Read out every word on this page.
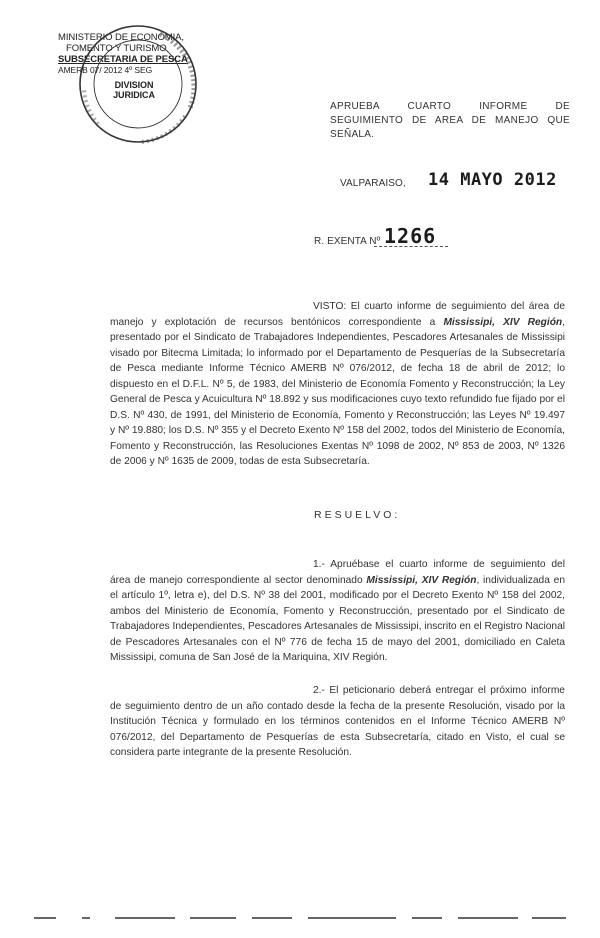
MINISTERIO DE ECONOMIA,
FOMENTO Y TURISMO
SUBSECRETARIA DE PESCA
AMERB 07/ 2012 4º SEG
DIVISION
JURIDICA
APRUEBA CUARTO INFORME DE SEGUIMIENTO DE AREA DE MANEJO QUE SEÑALA.
VALPARAISO, 14 MAYO 2012
R. EXENTA Nº 1266
VISTO: El cuarto informe de seguimiento del área de manejo y explotación de recursos bentónicos correspondiente a Mississipi, XIV Región, presentado por el Sindicato de Trabajadores Independientes, Pescadores Artesanales de Mississipi visado por Bitecma Limitada; lo informado por el Departamento de Pesquerías de la Subsecretaría de Pesca mediante Informe Técnico AMERB Nº 076/2012, de fecha 18 de abril de 2012; lo dispuesto en el D.F.L. Nº 5, de 1983, del Ministerio de Economía Fomento y Reconstrucción; la Ley General de Pesca y Acuicultura Nº 18.892 y sus modificaciones cuyo texto refundido fue fijado por el D.S. Nº 430, de 1991, del Ministerio de Economía, Fomento y Reconstrucción; las Leyes Nº 19.497 y Nº 19.880; los D.S. Nº 355 y el Decreto Exento Nº 158 del 2002, todos del Ministerio de Economía, Fomento y Reconstrucción, las Resoluciones Exentas Nº 1098 de 2002, Nº 853 de 2003, Nº 1326 de 2006 y Nº 1635 de 2009, todas de esta Subsecretaría.
RESUELVO:
1.- Apruébase el cuarto informe de seguimiento del área de manejo correspondiente al sector denominado Mississipi, XIV Región, individualizada en el artículo 1º, letra e), del D.S. Nº 38 del 2001, modificado por el Decreto Exento Nº 158 del 2002, ambos del Ministerio de Economía, Fomento y Reconstrucción, presentado por el Sindicato de Trabajadores Independientes, Pescadores Artesanales de Mississipi, inscrito en el Registro Nacional de Pescadores Artesanales con el Nº 776 de fecha 15 de mayo del 2001, domiciliado en Caleta Mississipi, comuna de San José de la Mariquina, XIV Región.
2.- El peticionario deberá entregar el próximo informe de seguimiento dentro de un año contado desde la fecha de la presente Resolución, visado por la Institución Técnica y formulado en los términos contenidos en el Informe Técnico AMERB Nº 076/2012, del Departamento de Pesquerías de esta Subsecretaría, citado en Visto, el cual se considera parte integrante de la presente Resolución.
